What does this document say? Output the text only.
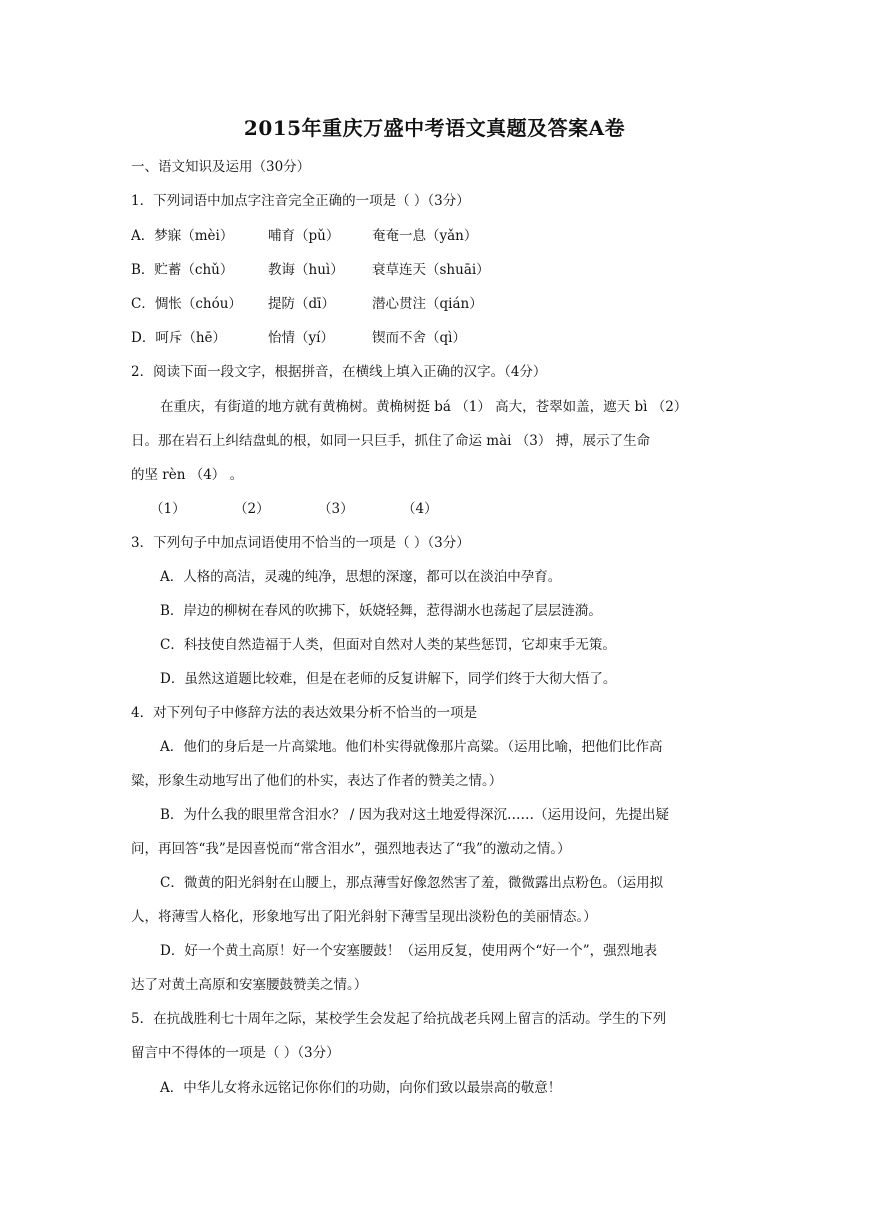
2015年重庆万盛中考语文真题及答案A卷
一、语文知识及运用（30分）
1．下列词语中加点字注音完全正确的一项是（ ）（3分）
A．梦寐（mèi）	哺育（pǔ） 奄奄一息（yǎn）
B．贮蓄（chǔ）	教诲（huì） 衰草连天（shuāi）
C．惆怅（chóu） 提防（dī）	潜心贯注（qián）
D．呵斥（hē）	怡情（yí）	锲而不舍（qì）
2．阅读下面一段文字，根据拼音，在横线上填入正确的汉字。（4分）
在重庆，有街道的地方就有黄桷树。黄桷树挺 bá （1） 高大，苍翠如盖，遮天 bì （2）
日。那在岩石上纠结盘虬的根，如同一只巨手，抓住了命运 mài （3） 搏，展示了生命
的坚 rèn （4） 。
（1）	（2）	（3）	（4）
3．下列句子中加点词语使用不恰当的一项是（ ）（3分）
A．人格的高洁，灵魂的纯净，思想的深邃，都可以在淡泊中孕育。
B．岸边的柳树在春风的吹拂下，妖娆轻舞，惹得湖水也荡起了层层涟漪。
C．科技使自然造福于人类，但面对自然对人类的某些惩罚，它却束手无策。
D．虽然这道题比较难，但是在老师的反复讲解下，同学们终于大彻大悟了。
4．对下列句子中修辞方法的表达效果分析不恰当的一项是
A．他们的身后是一片高粱地。他们朴实得就像那片高粱。（运用比喻，把他们比作高
粱，形象生动地写出了他们的朴实，表达了作者的赞美之情。）
B．为什么我的眼里常含泪水？ / 因为我对这土地爱得深沉……（运用设问，先提出疑
问，再回答“我”是因喜悦而“常含泪水”，强烈地表达了“我”的激动之情。）
C．微黄的阳光斜射在山腰上，那点薄雪好像忽然害了羞，微微露出点粉色。（运用拟
人，将薄雪人格化，形象地写出了阳光斜射下薄雪呈现出淡粉色的美丽情态。）
D．好一个黄土高原！好一个安塞腰鼓！（运用反复，使用两个“好一个”，强烈地表
达了对黄土高原和安塞腰鼓赞美之情。）
5．在抗战胜利七十周年之际，某校学生会发起了给抗战老兵网上留言的活动。学生的下列
留言中不得体的一项是（ ）（3分）
A．中华儿女将永远铭记你你们的功勋，向你们致以最崇高的敬意！
